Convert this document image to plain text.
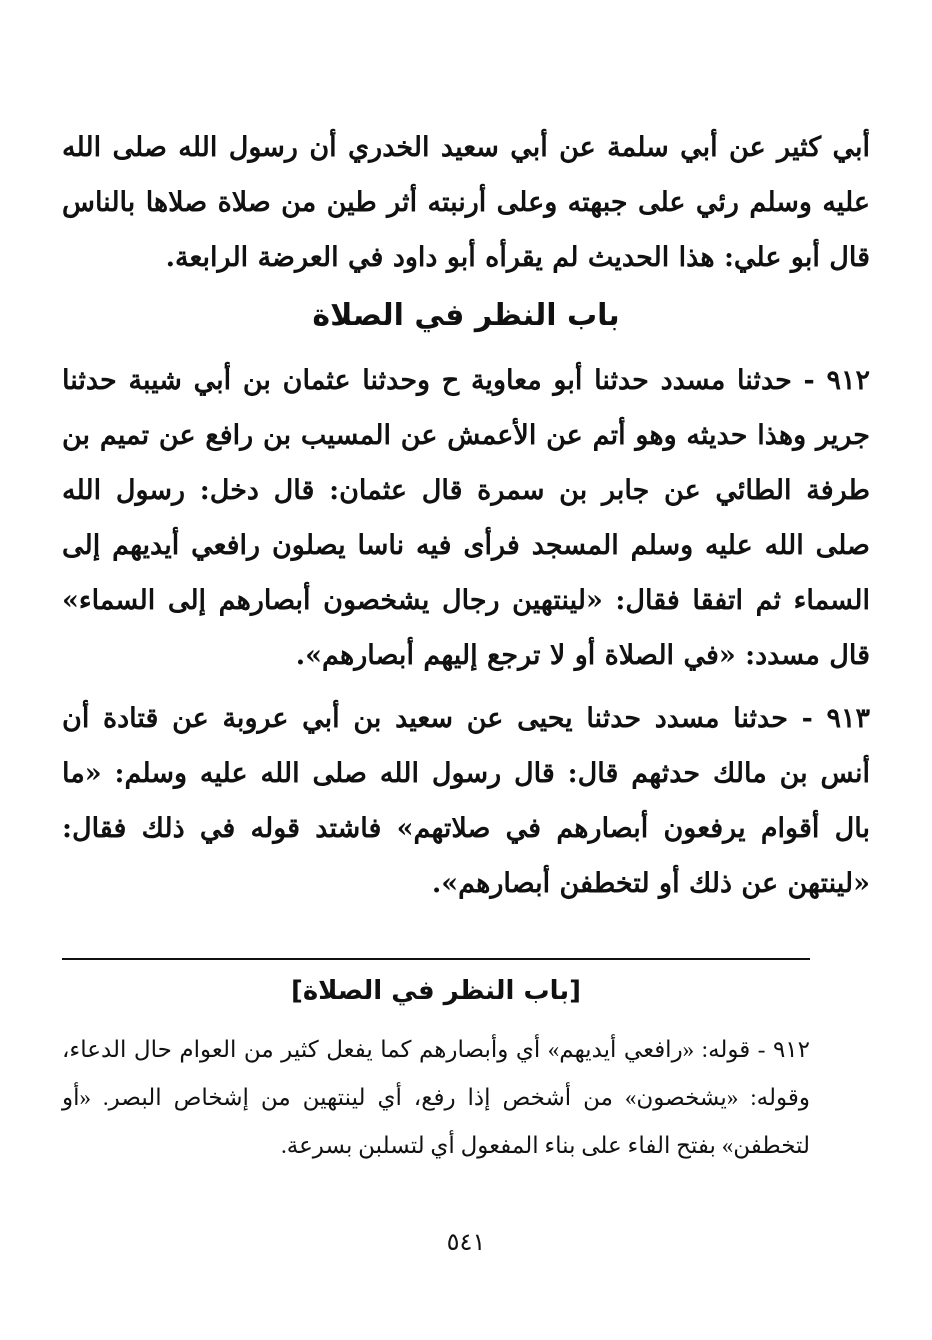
أبي كثير عن أبي سلمة عن أبي سعيد الخدري أن رسول الله صلى الله عليه وسلم رئي على جبهته وعلى أرنبته أثر طين من صلاة صلاها بالناس قال أبو علي: هذا الحديث لم يقرأه أبو داود في العرضة الرابعة.

باب النظر في الصلاة

٩١٢ - حدثنا مسدد حدثنا أبو معاوية ح وحدثنا عثمان بن أبي شيبة حدثنا جرير وهذا حديثه وهو أتم عن الأعمش عن المسيب بن رافع عن تميم بن طرفة الطائي عن جابر بن سمرة قال عثمان: قال دخل: رسول الله صلى الله عليه وسلم المسجد فرأى فيه ناسا يصلون رافعي أيديهم إلى السماء ثم اتفقا فقال: «لينتهين رجال يشخصون أبصارهم إلى السماء» قال مسدد: «في الصلاة أو لا ترجع إليهم أبصارهم».

٩١٣ - حدثنا مسدد حدثنا يحيى عن سعيد بن أبي عروبة عن قتادة أن أنس بن مالك حدثهم قال: قال رسول الله صلى الله عليه وسلم: «ما بال أقوام يرفعون أبصارهم في صلاتهم» فاشتد قوله في ذلك فقال: «لينتهن عن ذلك أو لتخطفن أبصارهم».

[باب النظر في الصلاة]

٩١٢ - قوله: «رافعي أيديهم» أي وأبصارهم كما يفعل كثير من العوام حال الدعاء، وقوله: «يشخصون» من أشخص إذا رفع، أي لينتهين من إشخاص البصر. «أو لتخطفن» بفتح الفاء على بناء المفعول أي لتسلبن بسرعة.

٥٤١
